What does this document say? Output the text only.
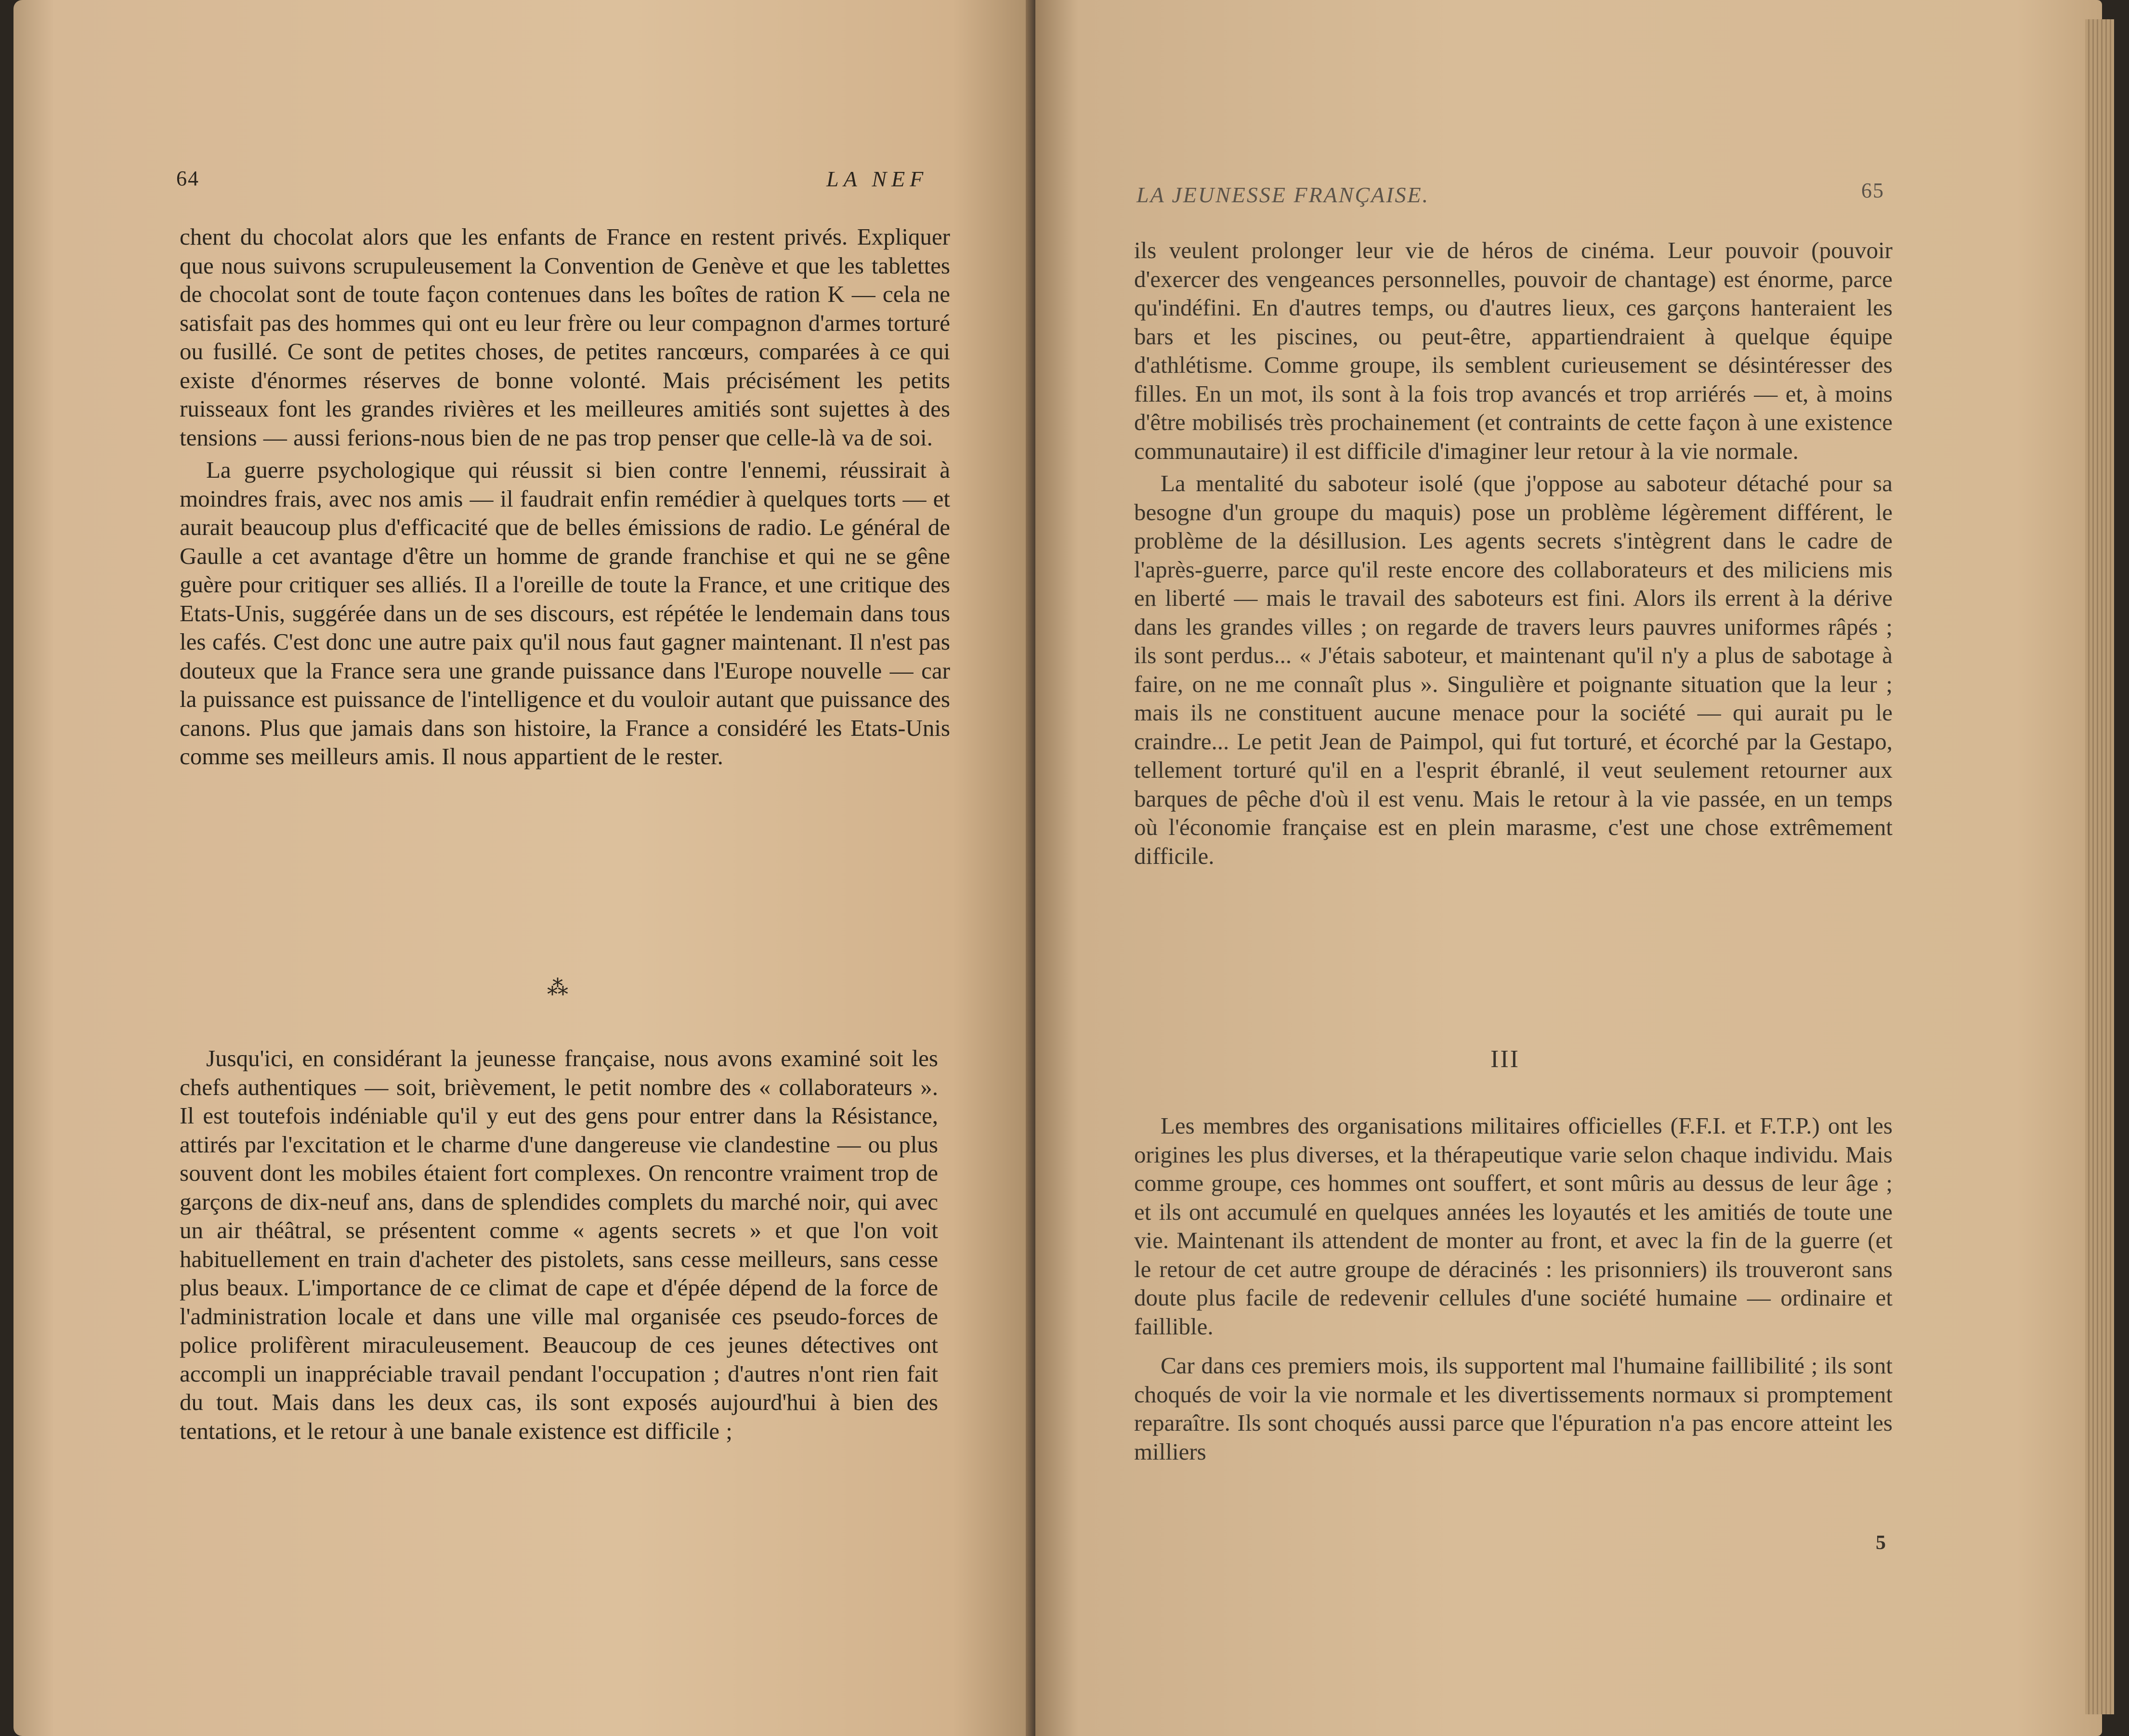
64	LA NEF

chent du chocolat alors que les enfants de France en restent privés. Expliquer que nous suivons scrupuleusement la Convention de Genève et que les tablettes de chocolat sont de toute façon contenues dans les boîtes de ration K — cela ne satisfait pas des hommes qui ont eu leur frère ou leur compagnon d'armes torturé ou fusillé. Ce sont de petites choses, de petites rancœurs, comparées à ce qui existe d'énormes réserves de bonne volonté. Mais précisément les petits ruisseaux font les grandes rivières et les meilleures amitiés sont sujettes à des tensions — aussi ferions-nous bien de ne pas trop penser que celle-là va de soi.

La guerre psychologique qui réussit si bien contre l'ennemi, réussirait à moindres frais, avec nos amis — il faudrait enfin remédier à quelques torts — et aurait beaucoup plus d'efficacité que de belles émissions de radio. Le général de Gaulle a cet avantage d'être un homme de grande franchise et qui ne se gêne guère pour critiquer ses alliés. Il a l'oreille de toute la France, et une critique des Etats-Unis, suggérée dans un de ses discours, est répétée le lendemain dans tous les cafés. C'est donc une autre paix qu'il nous faut gagner maintenant. Il n'est pas douteux que la France sera une grande puissance dans l'Europe nouvelle — car la puissance est puissance de l'intelligence et du vouloir autant que puissance des canons. Plus que jamais dans son histoire, la France a considéré les Etats-Unis comme ses meilleurs amis. Il nous appartient de le rester.

⁂

Jusqu'ici, en considérant la jeunesse française, nous avons examiné soit les chefs authentiques — soit, brièvement, le petit nombre des « collaborateurs ». Il est toutefois indéniable qu'il y eut des gens pour entrer dans la Résistance, attirés par l'excitation et le charme d'une dangereuse vie clandestine — ou plus souvent dont les mobiles étaient fort complexes. On rencontre vraiment trop de garçons de dix-neuf ans, dans de splendides complets du marché noir, qui avec un air théâtral, se présentent comme « agents secrets » et que l'on voit habituellement en train d'acheter des pistolets, sans cesse meilleurs, sans cesse plus beaux. L'importance de ce climat de cape et d'épée dépend de la force de l'administration locale et dans une ville mal organisée ces pseudo-forces de police prolifèrent miraculeusement. Beaucoup de ces jeunes détectives ont accompli un inappréciable travail pendant l'occupation ; d'autres n'ont rien fait du tout. Mais dans les deux cas, ils sont exposés aujourd'hui à bien des tentations, et le retour à une banale existence est difficile ;

LA JEUNESSE FRANÇAISE.	65

ils veulent prolonger leur vie de héros de cinéma. Leur pouvoir (pouvoir d'exercer des vengeances personnelles, pouvoir de chantage) est énorme, parce qu'indéfini. En d'autres temps, ou d'autres lieux, ces garçons hanteraient les bars et les piscines, ou peut-être, appartiendraient à quelque équipe d'athlétisme. Comme groupe, ils semblent curieusement se désintéresser des filles. En un mot, ils sont à la fois trop avancés et trop arriérés — et, à moins d'être mobilisés très prochainement (et contraints de cette façon à une existence communautaire) il est difficile d'imaginer leur retour à la vie normale.

La mentalité du saboteur isolé (que j'oppose au saboteur détaché pour sa besogne d'un groupe du maquis) pose un problème légèrement différent, le problème de la désillusion. Les agents secrets s'intègrent dans le cadre de l'après-guerre, parce qu'il reste encore des collaborateurs et des miliciens mis en liberté — mais le travail des saboteurs est fini. Alors ils errent à la dérive dans les grandes villes ; on regarde de travers leurs pauvres uniformes râpés ; ils sont perdus... « J'étais saboteur, et maintenant qu'il n'y a plus de sabotage à faire, on ne me connaît plus ». Singulière et poignante situation que la leur ; mais ils ne constituent aucune menace pour la société — qui aurait pu le craindre... Le petit Jean de Paimpol, qui fut torturé, et écorché par la Gestapo, tellement torturé qu'il en a l'esprit ébranlé, il veut seulement retourner aux barques de pêche d'où il est venu. Mais le retour à la vie passée, en un temps où l'économie française est en plein marasme, c'est une chose extrêmement difficile.

III

Les membres des organisations militaires officielles (F.F.I. et F.T.P.) ont les origines les plus diverses, et la thérapeutique varie selon chaque individu. Mais comme groupe, ces hommes ont souffert, et sont mûris au dessus de leur âge ; et ils ont accumulé en quelques années les loyautés et les amitiés de toute une vie. Maintenant ils attendent de monter au front, et avec la fin de la guerre (et le retour de cet autre groupe de déracinés : les prisonniers) ils trouveront sans doute plus facile de redevenir cellules d'une société humaine — ordinaire et faillible.

Car dans ces premiers mois, ils supportent mal l'humaine faillibilité ; ils sont choqués de voir la vie normale et les divertissements normaux si promptement reparaître. Ils sont choqués aussi parce que l'épuration n'a pas encore atteint les milliers

5
